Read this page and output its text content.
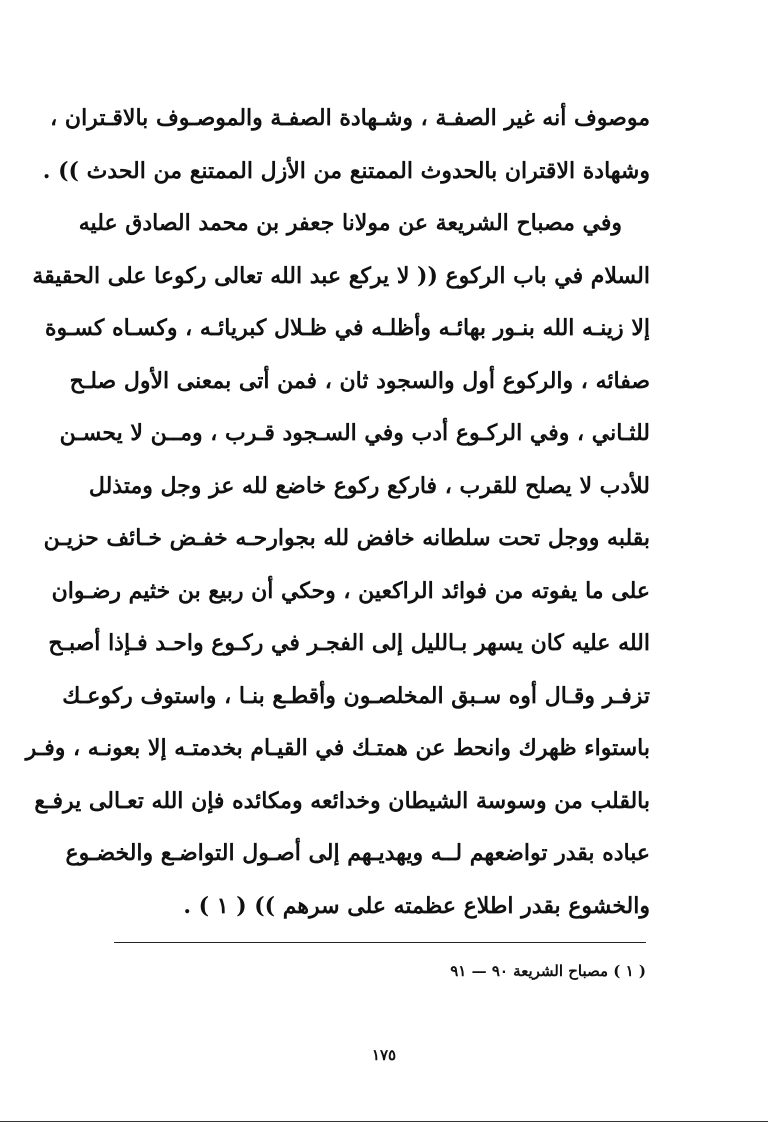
موصوف أنه غير الصفـة ، وشـهادة الصفـة والموصـوف بالاقـتران ،
وشهادة الاقتران بالحدوث الممتنع من الأزل الممتنع من الحدث )) .
وفي مصباح الشريعة عن مولانا جعفر بن محمد الصادق عليه
السلام في باب الركوع (( لا يركع عبد الله تعالى ركوعا على الحقيقة
إلا زينـه الله بنـور بهائـه وأظلـه في ظـلال كبريائـه ، وكسـاه كسـوة
صفائه ، والركوع أول والسجود ثان ، فمن أتى بمعنى الأول صلـح
للثـاني ، وفي الركـوع أدب وفي السـجود قـرب ، ومــن لا يحسـن
للأدب لا يصلح للقرب ، فاركع ركوع خاضع لله عز وجل ومتذلل
بقلبه ووجل تحت سلطانه خافض لله بجوارحـه خفـض خـائف حزيـن
على ما يفوته من فوائد الراكعين ، وحكي أن ربيع بن خثيم رضـوان
الله عليه كان يسهر بـالليل إلى الفجـر في ركـوع واحـد فـإذا أصبـح
تزفـر وقـال أوه سـبق المخلصـون وأقطـع بنـا ، واستوف ركوعـك
باستواء ظهرك وانحط عن همتـك في القيـام بخدمتـه إلا بعونـه ، وفـر
بالقلب من وسوسة الشيطان وخدائعه ومكائده فإن الله تعـالى يرفـع
عباده بقدر تواضعهم لــه ويهديـهم إلى أصـول التواضـع والخضـوع
والخشوع بقدر اطلاع عظمته على سرهم )) ( ١ ) .
( ١ ) مصباح الشريعة ٩٠ — ٩١
١٧٥
